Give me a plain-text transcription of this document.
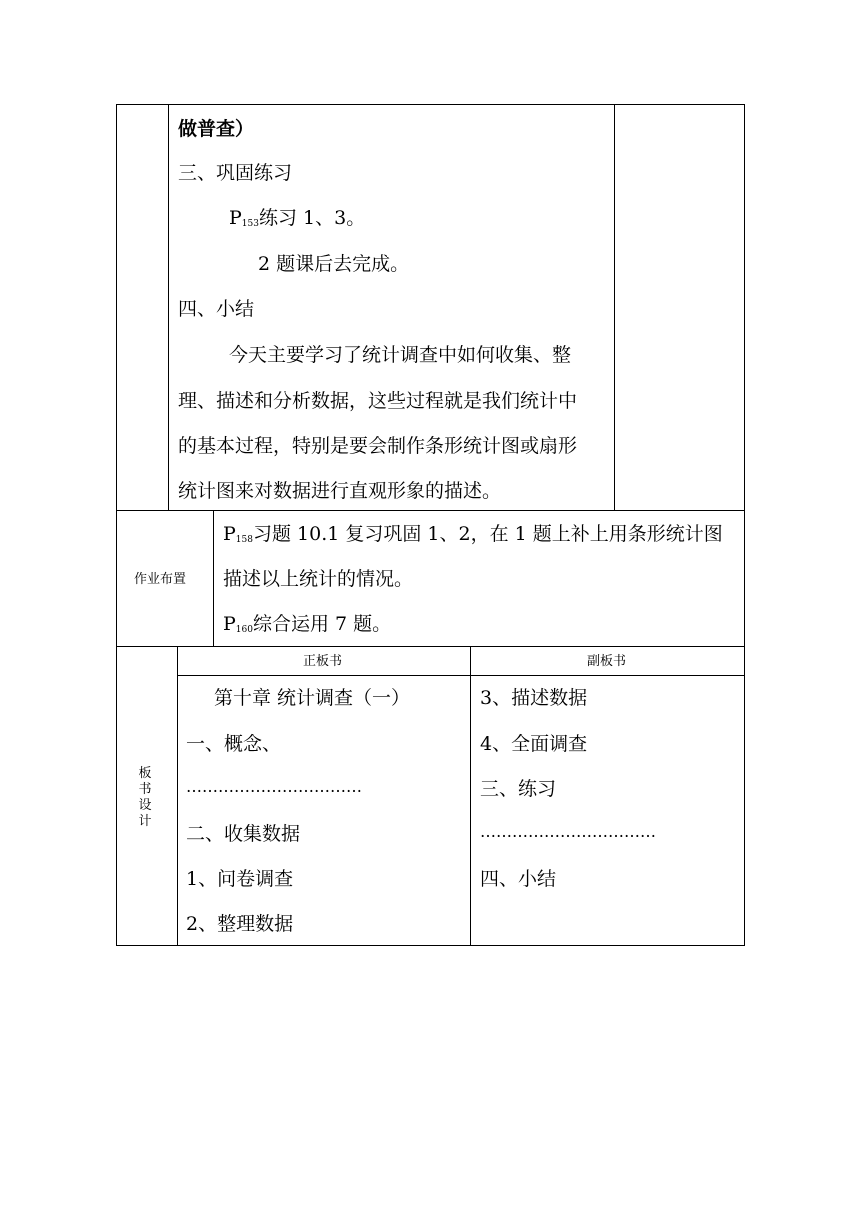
做普查）
三、巩固练习
$P_{153}$练习 1、3。
2 题课后去完成。
四、小结
今天主要学习了统计调查中如何收集、整
理、描述和分析数据，这些过程就是我们统计中
的基本过程，特别是要会制作条形统计图或扇形
统计图来对数据进行直观形象的描述。
作业布置
$P_{158}$习题 10.1 复习巩固 1、2，在 1 题上补上用条形统计图
描述以上统计的情况。
$P_{160}$综合运用 7 题。
板
书
设
计
正板书	副板书
第十章 统计调查（一）
一、概念、
……………………………
二、收集数据
1、问卷调查
2、整理数据
3、描述数据
4、全面调查
三、练习
……………………………
四、小结
